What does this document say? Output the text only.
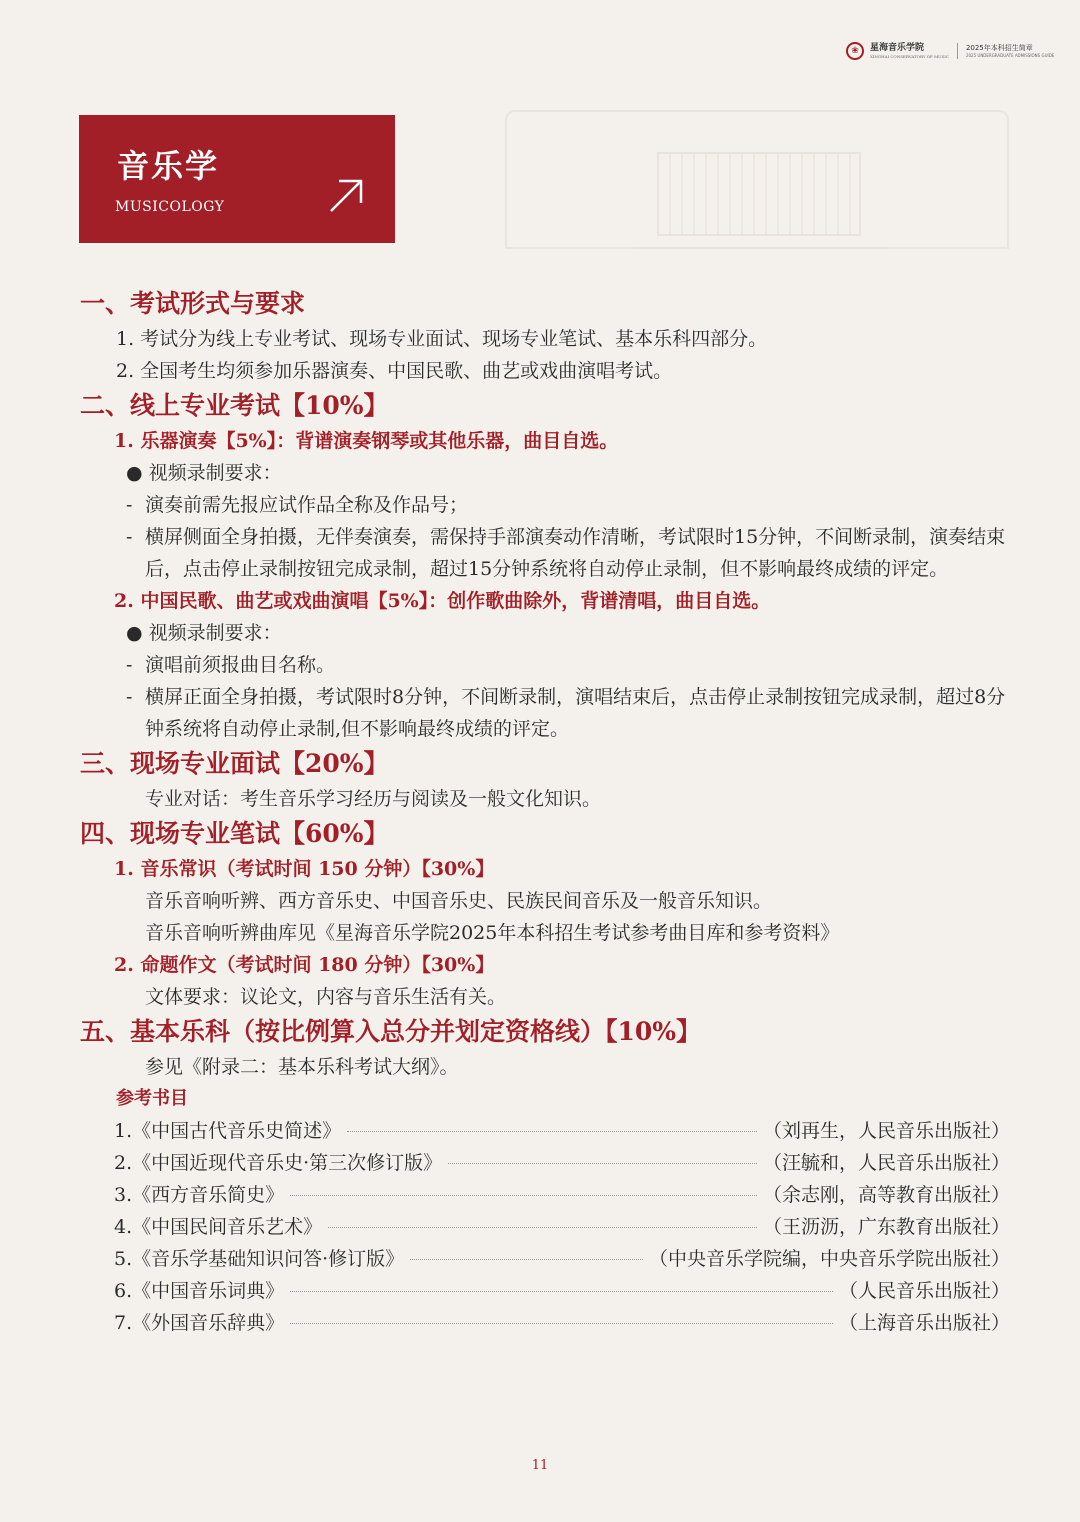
❀	星海音乐学院
XINGHAI CONSERVATORY OF MUSIC
2025年本科招生简章
2025 UNDERGRADUATE ADMISSIONS GUIDE
音乐学
MUSICOLOGY
一、考试形式与要求
1. 考试分为线上专业考试、现场专业面试、现场专业笔试、基本乐科四部分。
2. 全国考生均须参加乐器演奏、中国民歌、曲艺或戏曲演唱考试。
二、线上专业考试【10%】
1. 乐器演奏【5%】：背谱演奏钢琴或其他乐器，曲目自选。
● 视频录制要求：
- 演奏前需先报应试作品全称及作品号；
- 横屏侧面全身拍摄，无伴奏演奏，需保持手部演奏动作清晰，考试限时15分钟，不间断录制，演奏结束后，点击停止录制按钮完成录制，超过15分钟系统将自动停止录制，但不影响最终成绩的评定。
2. 中国民歌、曲艺或戏曲演唱【5%】：创作歌曲除外，背谱清唱，曲目自选。
● 视频录制要求：
- 演唱前须报曲目名称。
- 横屏正面全身拍摄，考试限时8分钟，不间断录制，演唱结束后，点击停止录制按钮完成录制，超过8分钟系统将自动停止录制,但不影响最终成绩的评定。
三、现场专业面试【20%】
专业对话：考生音乐学习经历与阅读及一般文化知识。
四、现场专业笔试【60%】
1. 音乐常识（考试时间 150 分钟）【30%】
音乐音响听辨、西方音乐史、中国音乐史、民族民间音乐及一般音乐知识。
音乐音响听辨曲库见《星海音乐学院2025年本科招生考试参考曲目库和参考资料》
2. 命题作文（考试时间 180 分钟）【30%】
文体要求：议论文，内容与音乐生活有关。
五、基本乐科（按比例算入总分并划定资格线）【10%】
参见《附录二：基本乐科考试大纲》。
参考书目
1. 《中国古代音乐史简述》	（刘再生，人民音乐出版社）
2. 《中国近现代音乐史·第三次修订版》	（汪毓和，人民音乐出版社）
3. 《西方音乐简史》	（余志刚，高等教育出版社）
4. 《中国民间音乐艺术》	（王沥沥，广东教育出版社）
5. 《音乐学基础知识问答·修订版》	（中央音乐学院编，中央音乐学院出版社）
6. 《中国音乐词典》	（人民音乐出版社）
7. 《外国音乐辞典》	（上海音乐出版社）
11
